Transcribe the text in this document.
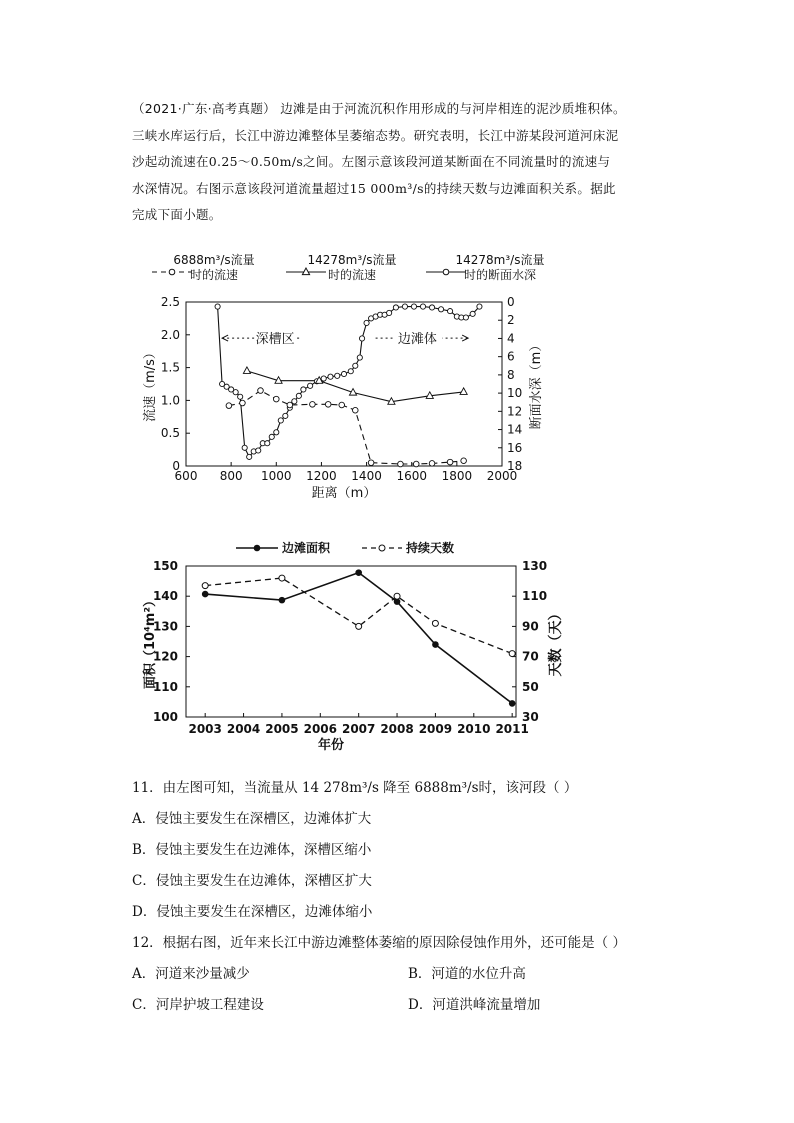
（2021·广东·高考真题） 边滩是由于河流沉积作用形成的与河岸相连的泥沙质堆积体。

三峡水库运行后，长江中游边滩整体呈萎缩态势。研究表明，长江中游某段河道河床泥

沙起动流速在0.25～0.50m/s之间。左图示意该段河道某断面在不同流量时的流速与

水深情况。右图示意该段河道流量超过15 000m³/s的持续天数与边滩面积关系。据此

完成下面小题。

6888m³/s流量
时的流速
14278m³/s流量
时的流速
14278m³/s流量
时的断面水深
600 800 1000 1200 1400 1600 1800 2000
0
0.5
1.0
1.5
2.0
2.5	0
2
4
6
8
10
12
14
16
18
距离（m）
流速（m/s）	断面水深（m）
深槽区	边滩体
边滩面积	持续天数
2003 2004 2005 2006 2007 2008 2009 2010 2011
100
110
120
130
140
150
30
50
70
90
110
130
年份
面积（10⁴m²）	天数（天）
11．由左图可知，当流量从 14 278m³/s 降至 6888m³/s时，该河段（ ）
A．侵蚀主要发生在深槽区，边滩体扩大
B．侵蚀主要发生在边滩体，深槽区缩小
C．侵蚀主要发生在边滩体，深槽区扩大
D．侵蚀主要发生在深槽区，边滩体缩小
12．根据右图，近年来长江中游边滩整体萎缩的原因除侵蚀作用外，还可能是（ ）
A．河道来沙量减少	B．河道的水位升高
C．河岸护坡工程建设	D．河道洪峰流量增加
